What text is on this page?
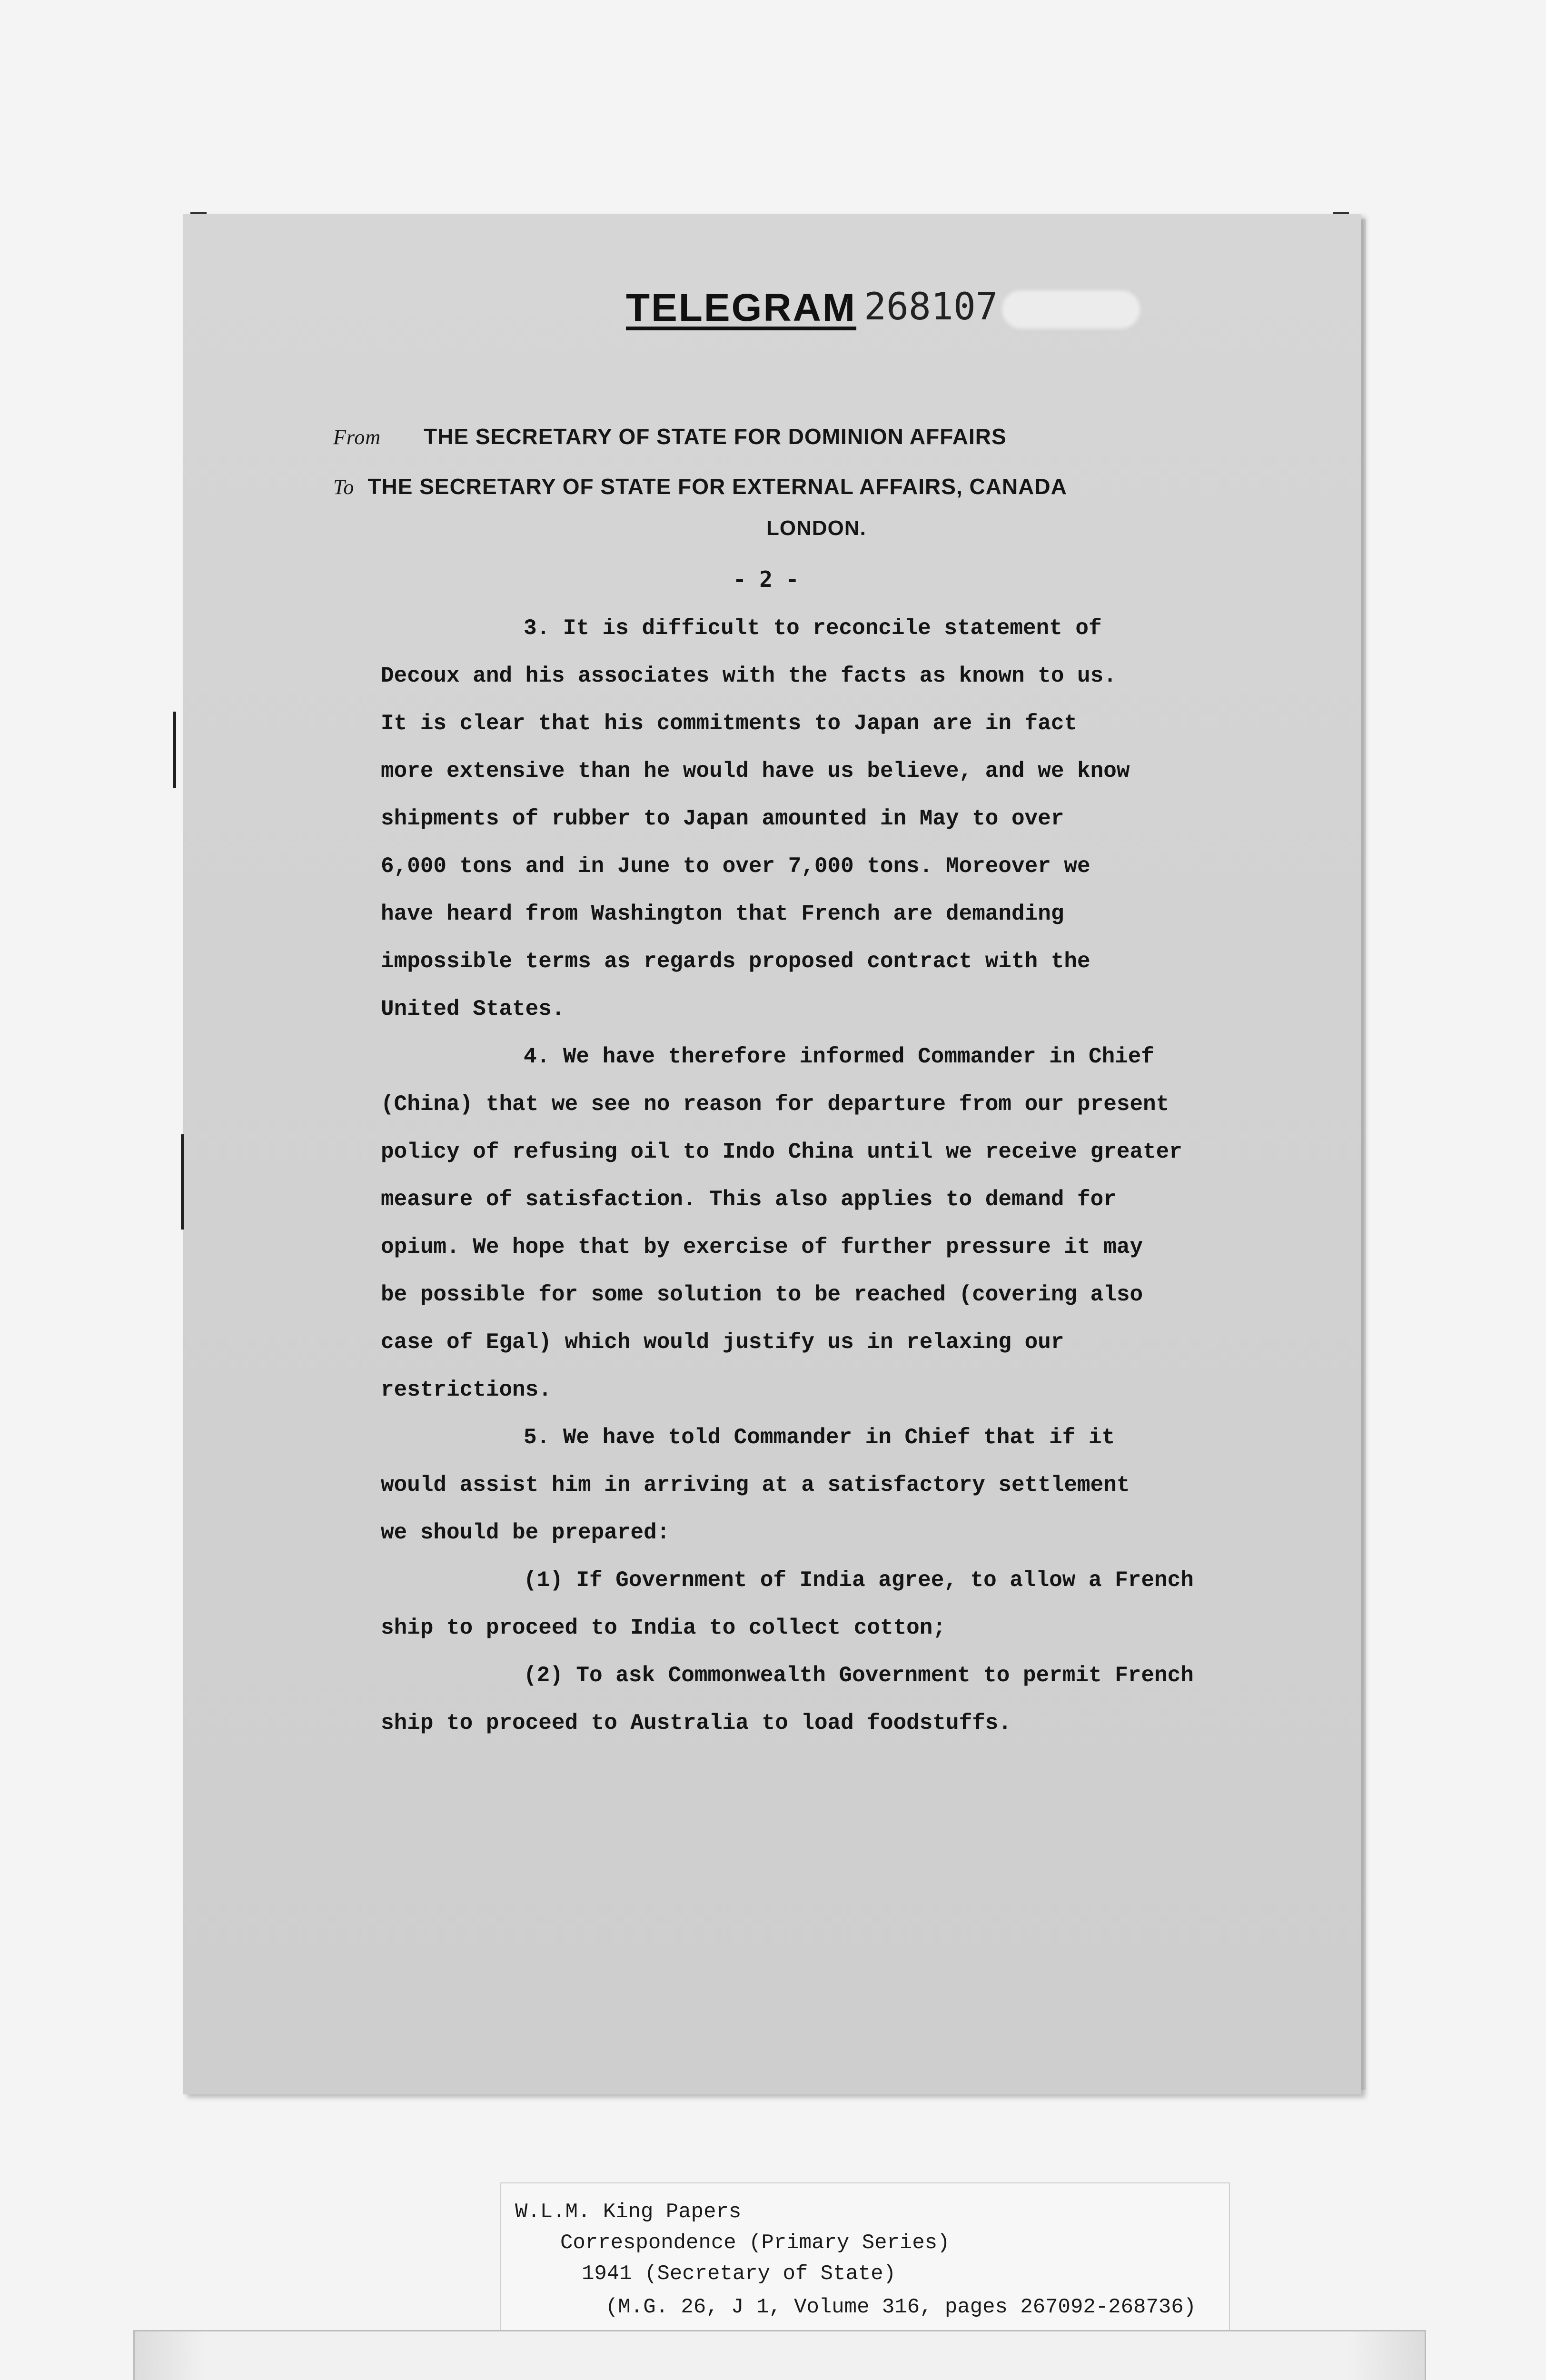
TELEGRAM 268107
From THE SECRETARY OF STATE FOR DOMINION AFFAIRS
To THE SECRETARY OF STATE FOR EXTERNAL AFFAIRS, CANADA
LONDON.
- 2 -
3. It is difficult to reconcile statement of
Decoux and his associates with the facts as known to us.
It is clear that his commitments to Japan are in fact
more extensive than he would have us believe, and we know
shipments of rubber to Japan amounted in May to over
6,000 tons and in June to over 7,000 tons. Moreover we
have heard from Washington that French are demanding
impossible terms as regards proposed contract with the
United States.
4. We have therefore informed Commander in Chief
(China) that we see no reason for departure from our present
policy of refusing oil to Indo China until we receive greater
measure of satisfaction. This also applies to demand for
opium. We hope that by exercise of further pressure it may
be possible for some solution to be reached (covering also
case of Egal) which would justify us in relaxing our
restrictions.
5. We have told Commander in Chief that if it
would assist him in arriving at a satisfactory settlement
we should be prepared:
(1) If Government of India agree, to allow a French
ship to proceed to India to collect cotton;
(2) To ask Commonwealth Government to permit French
ship to proceed to Australia to load foodstuffs.
W.L.M. King Papers
Correspondence (Primary Series)
1941 (Secretary of State)
(M.G. 26, J 1, Volume 316, pages 267092-268736)
